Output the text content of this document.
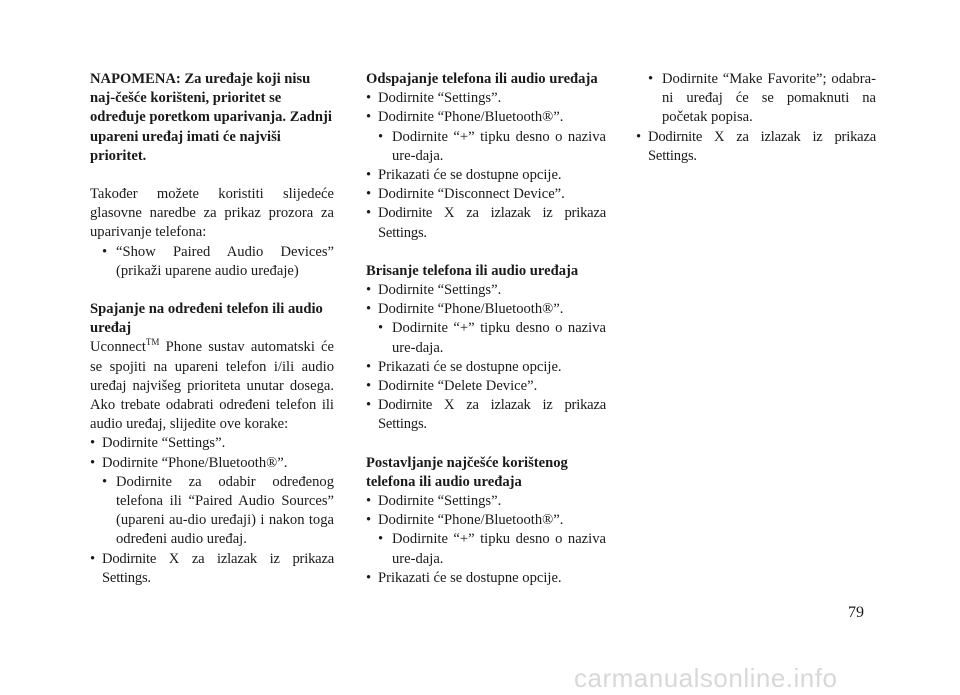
NAPOMENA: Za uređaje koji nisu naj-češće korišteni, prioritet se određuje poretkom uparivanja. Zadnji upareni uređaj imati će najviši prioritet.

Također možete koristiti slijedeće glasovne naredbe za prikaz prozora za uparivanje telefona:

• “Show Paired Audio Devices” (prikaži uparene audio uređaje)
Spajanje na određeni telefon ili audio uređaj

Uconnect™ Phone sustav automatski će se spojiti na upareni telefon i/ili audio uređaj najvišeg prioriteta unutar dosega. Ako trebate odabrati određeni telefon ili audio uređaj, slijedite ove korake:

• Dodirnite “Settings”.
• Dodirnite “Phone/Bluetooth®”.
• Dodirnite za odabir određenog telefona ili “Paired Audio Sources” (upareni au-dio uređaji) i nakon toga određeni audio uređaj.
• Dodirnite X za izlazak iz prikaza Settings.
Odspajanje telefona ili audio uređaja
• Dodirnite “Settings”.
• Dodirnite “Phone/Bluetooth®”.
• Dodirnite “+” tipku desno o naziva ure-daja.
• Prikazati će se dostupne opcije.
• Dodirnite “Disconnect Device”.
• Dodirnite X za izlazak iz prikaza Settings.
Brisanje telefona ili audio uređaja
• Dodirnite “Settings”.
• Dodirnite “Phone/Bluetooth®”.
• Dodirnite “+” tipku desno o naziva ure-daja.
• Prikazati će se dostupne opcije.
• Dodirnite “Delete Device”.
• Dodirnite X za izlazak iz prikaza Settings.
Postavljanje najčešće korištenog telefona ili audio uređaja
• Dodirnite “Settings”.
• Dodirnite “Phone/Bluetooth®”.
• Dodirnite “+” tipku desno o naziva ure-daja.
• Prikazati će se dostupne opcije.
• Dodirnite “Make Favorite”; odabra-ni uređaj će se pomaknuti na početak popisa.
• Dodirnite X za izlazak iz prikaza Settings.
79
carmanualsonline.info
